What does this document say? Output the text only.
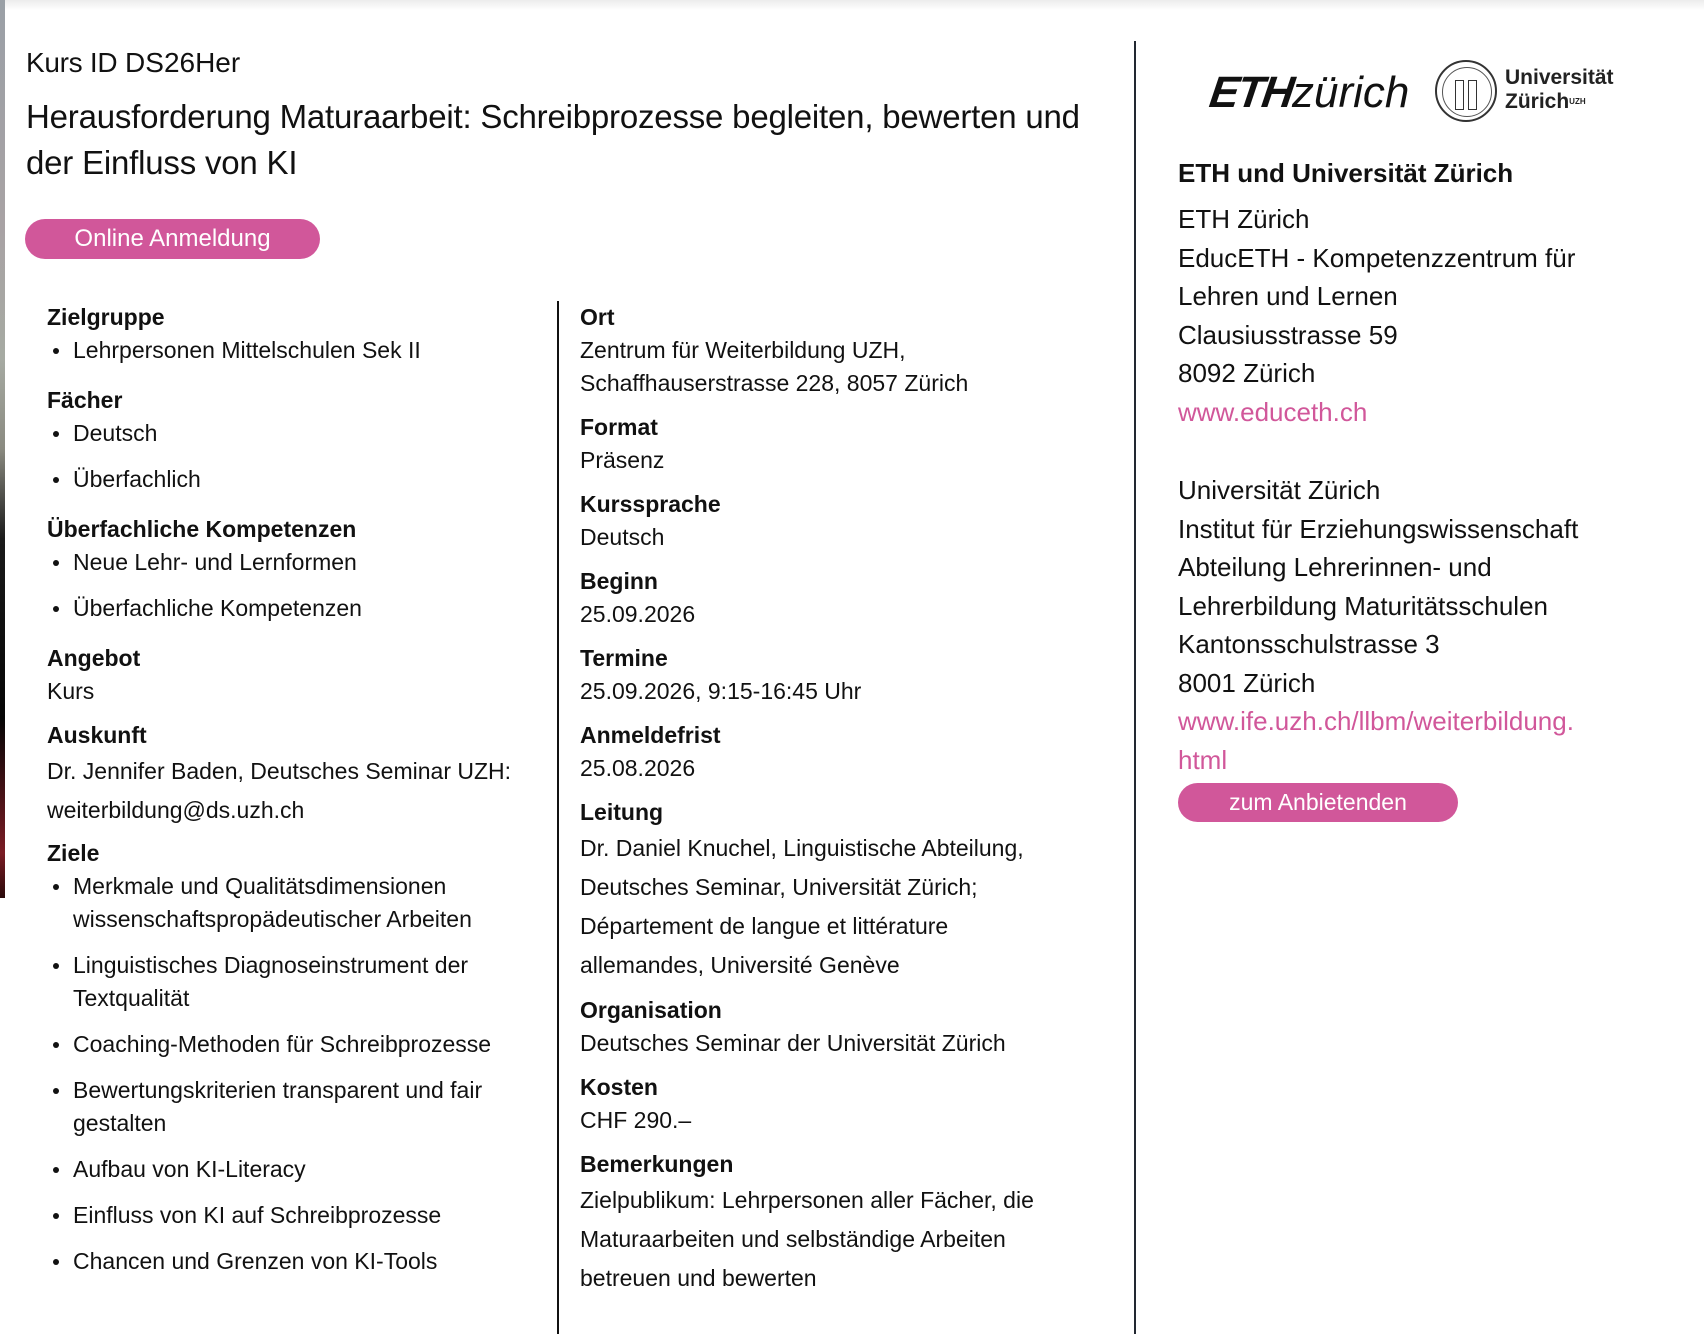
Kurs ID DS26Her
Herausforderung Maturaarbeit: Schreibprozesse begleiten, bewerten und der Einfluss von KI
Online Anmeldung
Zielgruppe
Lehrpersonen Mittelschulen Sek II
Fächer
Deutsch
Überfachlich
Überfachliche Kompetenzen
Neue Lehr- und Lernformen
Überfachliche Kompetenzen
Angebot
Kurs
Auskunft
Dr. Jennifer Baden, Deutsches Seminar UZH:
weiterbildung@ds.uzh.ch
Ziele
Merkmale und Qualitätsdimensionen wissenschaftspropädeutischer Arbeiten
Linguistisches Diagnoseinstrument der Textqualität
Coaching-Methoden für Schreibprozesse
Bewertungskriterien transparent und fair gestalten
Aufbau von KI-Literacy
Einfluss von KI auf Schreibprozesse
Chancen und Grenzen von KI-Tools
Ort
Zentrum für Weiterbildung UZH,
Schaffhauserstrasse 228, 8057 Zürich
Format
Präsenz
Kurssprache
Deutsch
Beginn
25.09.2026
Termine
25.09.2026, 9:15-16:45 Uhr
Anmeldefrist
25.08.2026
Leitung
Dr. Daniel Knuchel, Linguistische Abteilung, Deutsches Seminar, Universität Zürich; Département de langue et littérature allemandes, Université Genève
Organisation
Deutsches Seminar der Universität Zürich
Kosten
CHF 290.–
Bemerkungen
Zielpublikum: Lehrpersonen aller Fächer, die Maturaarbeiten und selbständige Arbeiten betreuen und bewerten
ETHzürich	Universität
Zürich$^{UZH}$
ETH und Universität Zürich
ETH Zürich
EducETH - Kompetenzzentrum für
Lehren und Lernen
Clausiusstrasse 59
8092 Zürich
www.educeth.ch
Universität Zürich
Institut für Erziehungswissenschaft
Abteilung Lehrerinnen- und
Lehrerbildung Maturitätsschulen
Kantonsschulstrasse 3
8001 Zürich
www.ife.uzh.ch/llbm/weiterbildung.
html
zum Anbietenden
